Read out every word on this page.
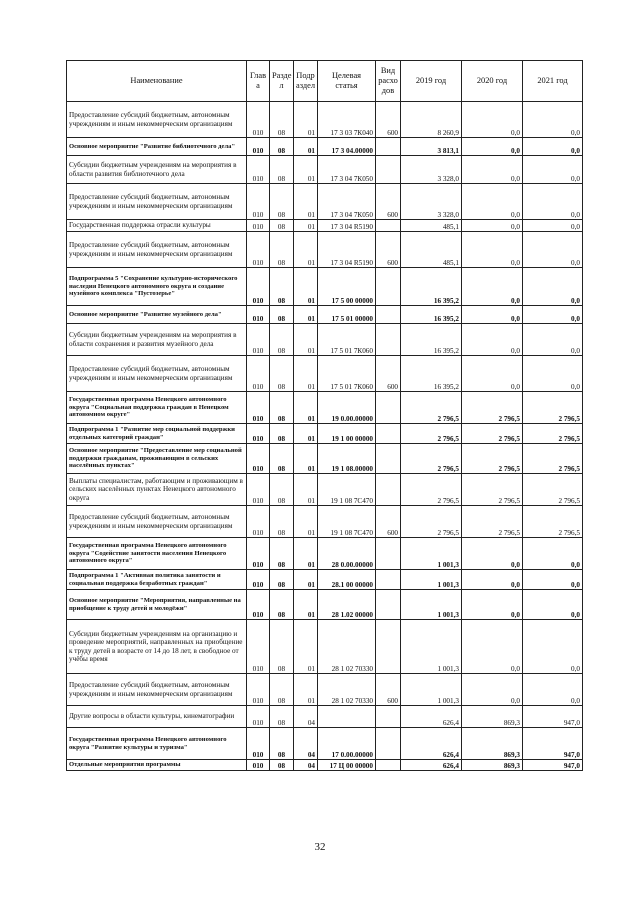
Наименование	Глав а	Разде л	Подр аздел	Целевая статья	Вид расхо дов	2019 год	2020 год	2021 год
Предоставление субсидий бюджетным, автономным учреждениям и иным некоммерческим организациям	010	08	01	17 3 03 7К040	600	8 260,9	0,0	0,0
Основное мероприятие "Развитие библиотечного дела"	010	08	01	17 3 04.00000		3 813,1	0,0	0,0
Субсидии бюджетным учреждениям на мероприятия в области развития библиотечного дела	010	08	01	17 3 04 7К050		3 328,0	0,0	0,0
Предоставление субсидий бюджетным, автономным учреждениям и иным некоммерческим организациям	010	08	01	17 3 04 7К050	600	3 328,0	0,0	0,0
Государственная поддержка отрасли культуры	010	08	01	17 3 04 R5190		485,1	0,0	0,0
Предоставление субсидий бюджетным, автономным учреждениям и иным некоммерческим организациям	010	08	01	17 3 04 R5190	600	485,1	0,0	0,0
Подпрограмма 5 "Сохранение культурно-исторического наследия Ненецкого автономного округа и создание музейного комплекса "Пустозерье"	010	08	01	17 5 00 00000		16 395,2	0,0	0,0
Основное мероприятие "Развитие музейного дела"	010	08	01	17 5 01 00000		16 395,2	0,0	0,0
Субсидии бюджетным учреждениям на мероприятия в области сохранения и развития музейного дела	010	08	01	17 5 01 7К060		16 395,2	0,0	0,0
Предоставление субсидий бюджетным, автономным учреждениям и иным некоммерческим организациям	010	08	01	17 5 01 7К060	600	16 395,2	0,0	0,0
Государственная программа Ненецкого автономного округа "Социальная поддержка граждан в Ненецком автономном округе"	010	08	01	19 0.00.00000		2 796,5	2 796,5	2 796,5
Подпрограмма 1 "Развитие мер социальной поддержки отдельных категорий граждан"	010	08	01	19 1 00 00000		2 796,5	2 796,5	2 796,5
Основное мероприятие "Предоставление мер социальной поддержки гражданам, проживающим в сельских населённых пунктах"	010	08	01	19 1 08.00000		2 796,5	2 796,5	2 796,5
Выплаты специалистам, работающим и проживающим в сельских населённых пунктах Ненецкого автономного округа	010	08	01	19 1 08 7С470		2 796,5	2 796,5	2 796,5
Предоставление субсидий бюджетным, автономным учреждениям и иным некоммерческим организациям	010	08	01	19 1 08 7С470	600	2 796,5	2 796,5	2 796,5
Государственная программа Ненецкого автономного округа "Содействие занятости населения Ненецкого автономного округа"	010	08	01	28 0.00.00000		1 001,3	0,0	0,0
Подпрограмма 1 "Активная политика занятости и социальная поддержка безработных граждан"	010	08	01	28.1 00 00000		1 001,3	0,0	0,0
Основное мероприятие "Мероприятия, направленные на приобщение к труду детей и молодёжи"	010	08	01	28 1.02 00000		1 001,3	0,0	0,0
Субсидии бюджетным учреждениям на организацию и проведение мероприятий, направленных на приобщение к труду детей в возрасте от 14 до 18 лет, в свободное от учёбы время	010	08	01	28 1 02 70330		1 001,3	0,0	0,0
Предоставление субсидий бюджетным, автономным учреждениям и иным некоммерческим организациям	010	08	01	28 1 02 70330	600	1 001,3	0,0	0,0
Другие вопросы в области культуры, кинематографии	010	08	04			626,4	869,3	947,0
Государственная программа Ненецкого автономного округа "Развитие культуры и туризма"	010	08	04	17 0.00.00000		626,4	869,3	947,0
Отдельные мероприятия программы	010	08	04	17 Ц 00 00000		626,4	869,3	947,0
32
